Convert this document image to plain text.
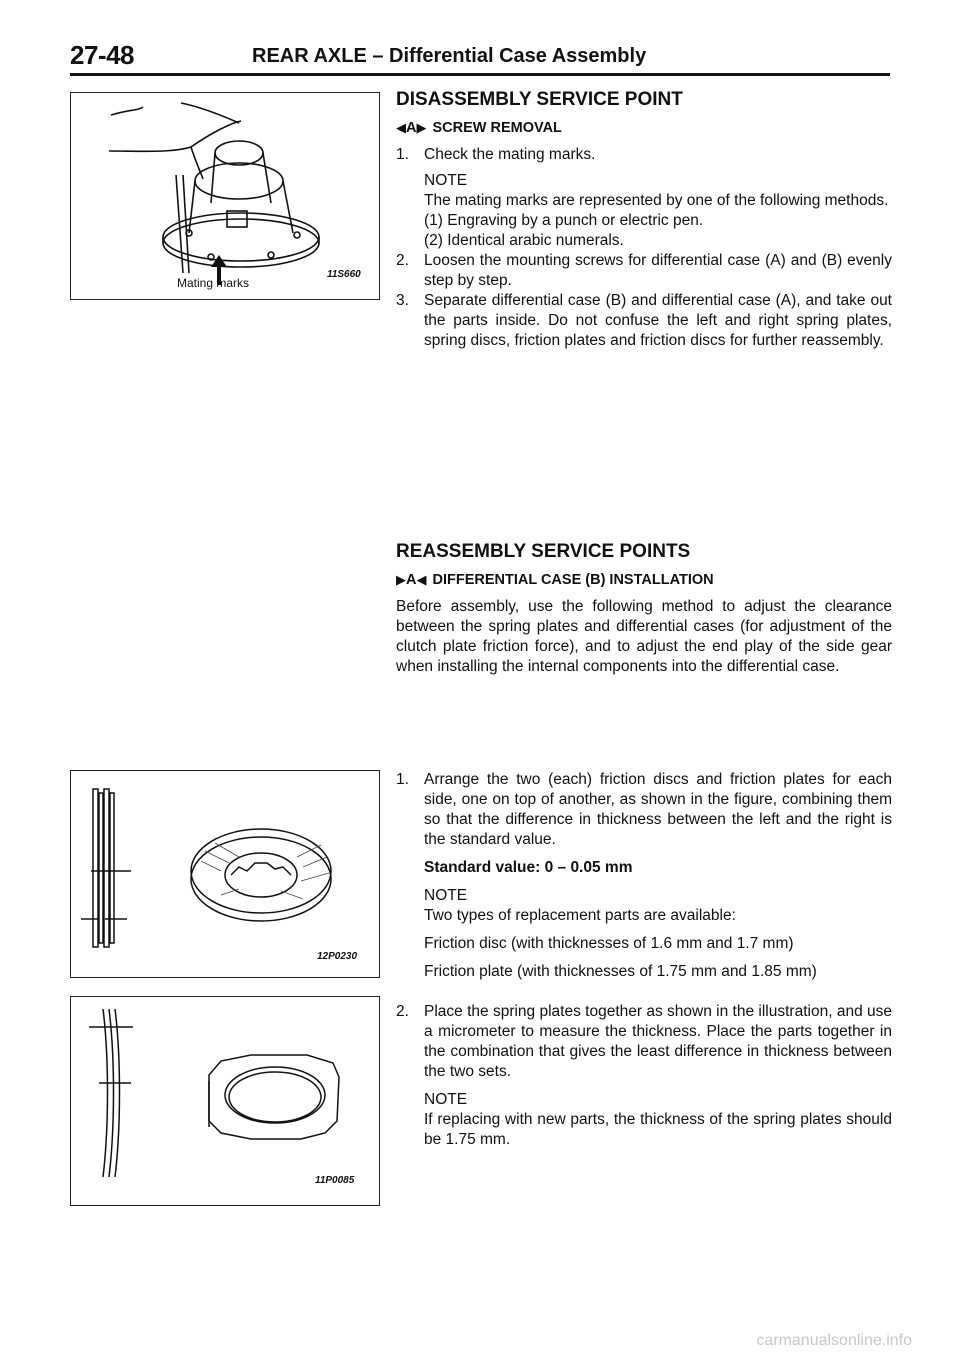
27-48	REAR AXLE – Differential Case Assembly
Mating marks
11S660
12P0230
11P0085
DISASSEMBLY SERVICE POINT
◀ A ▶ SCREW REMOVAL
1. Check the mating marks.
NOTE
The mating marks are represented by one of the following methods.
(1) Engraving by a punch or electric pen.
(2) Identical arabic numerals.
2. Loosen the mounting screws for differential case (A) and (B) evenly step by step.
3. Separate differential case (B) and differential case (A), and take out the parts inside. Do not confuse the left and right spring plates, spring discs, friction plates and friction discs for further reassembly.
REASSEMBLY SERVICE POINTS
▶ A ◀ DIFFERENTIAL CASE (B) INSTALLATION
Before assembly, use the following method to adjust the clearance between the spring plates and differential cases (for adjustment of the clutch plate friction force), and to adjust the end play of the side gear when installing the internal components into the differential case.
1. Arrange the two (each) friction discs and friction plates for each side, one on top of another, as shown in the figure, combining them so that the difference in thickness between the left and the right is the standard value.
Standard value: 0 – 0.05 mm
NOTE
Two types of replacement parts are available:
Friction disc (with thicknesses of 1.6 mm and 1.7 mm)
Friction plate (with thicknesses of 1.75 mm and 1.85 mm)
2. Place the spring plates together as shown in the illustration, and use a micrometer to measure the thickness. Place the parts together in the combination that gives the least difference in thickness between the two sets.
NOTE
If replacing with new parts, the thickness of the spring plates should be 1.75 mm.
carmanualsonline.info
